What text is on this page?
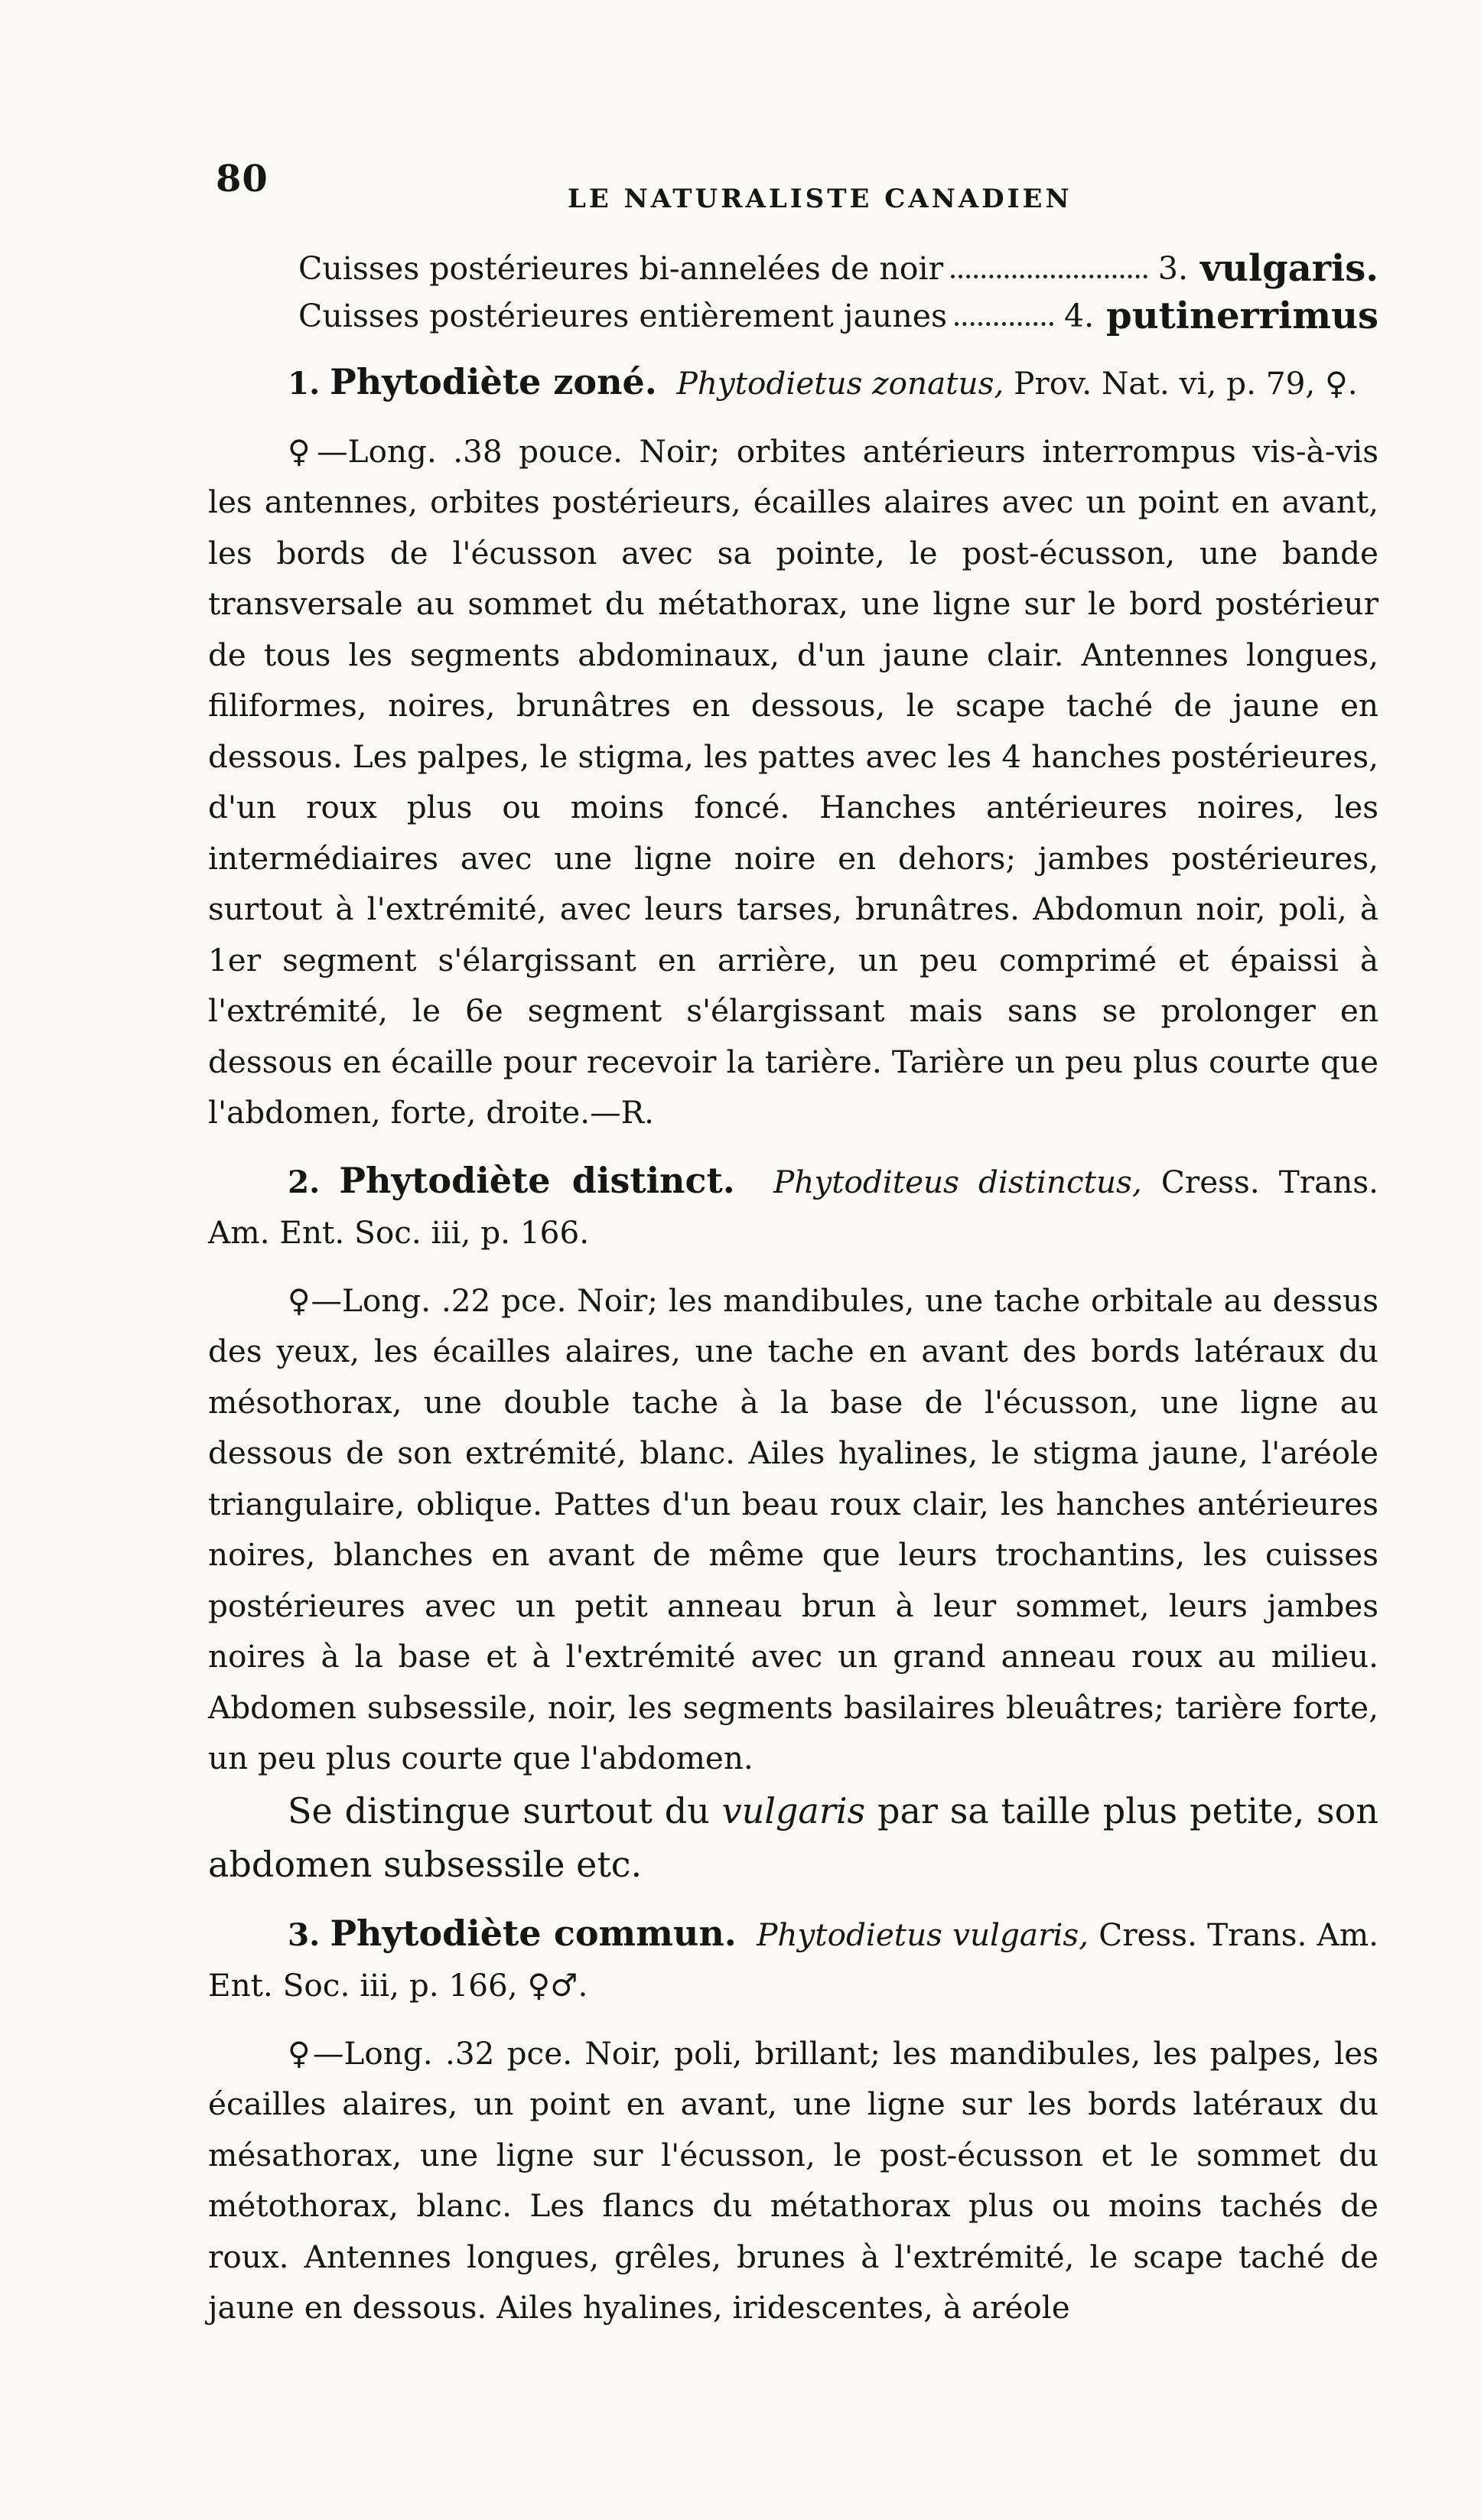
80	LE NATURALISTE CANADIEN
Cuisses postérieures bi-annelées de noir	3. vulgaris.
Cuisses postérieures entièrement jaunes	4. putinerrimus
1. Phytodiète zoné. Phytodietus zonatus, Prov. Nat. vi, p. 79, ♀.
♀—Long. .38 pouce. Noir; orbites antérieurs interrompus vis-à-vis les antennes, orbites postérieurs, écailles alaires avec un point en avant, les bords de l'écusson avec sa pointe, le post-écusson, une bande transversale au sommet du métathorax, une ligne sur le bord postérieur de tous les segments abdominaux, d'un jaune clair. Antennes longues, filiformes, noires, brunâtres en dessous, le scape taché de jaune en dessous. Les palpes, le stigma, les pattes avec les 4 hanches postérieures, d'un roux plus ou moins foncé. Hanches antérieures noires, les intermédiaires avec une ligne noire en dehors; jambes postérieures, surtout à l'extrémité, avec leurs tarses, brunâtres. Abdomun noir, poli, à 1er segment s'élargissant en arrière, un peu comprimé et épaissi à l'extrémité, le 6e segment s'élargissant mais sans se prolonger en dessous en écaille pour recevoir la tarière. Tarière un peu plus courte que l'abdomen, forte, droite.—R.
2. Phytodiète distinct. Phytoditeus distinctus, Cress. Trans. Am. Ent. Soc. iii, p. 166.
♀—Long. .22 pce. Noir; les mandibules, une tache orbitale au dessus des yeux, les écailles alaires, une tache en avant des bords latéraux du mésothorax, une double tache à la base de l'écusson, une ligne au dessous de son extrémité, blanc. Ailes hyalines, le stigma jaune, l'aréole triangulaire, oblique. Pattes d'un beau roux clair, les hanches antérieures noires, blanches en avant de même que leurs trochantins, les cuisses postérieures avec un petit anneau brun à leur sommet, leurs jambes noires à la base et à l'extrémité avec un grand anneau roux au milieu. Abdomen subsessile, noir, les segments basilaires bleuâtres; tarière forte, un peu plus courte que l'abdomen.
Se distingue surtout du vulgaris par sa taille plus petite, son abdomen subsessile etc.
3. Phytodiète commun. Phytodietus vulgaris, Cress. Trans. Am. Ent. Soc. iii, p. 166, ♀♂.
♀—Long. .32 pce. Noir, poli, brillant; les mandibules, les palpes, les écailles alaires, un point en avant, une ligne sur les bords latéraux du mésathorax, une ligne sur l'écusson, le post-écusson et le sommet du métothorax, blanc. Les flancs du métathorax plus ou moins tachés de roux. Antennes longues, grêles, brunes à l'extrémité, le scape taché de jaune en dessous. Ailes hyalines, iridescentes, à aréole
